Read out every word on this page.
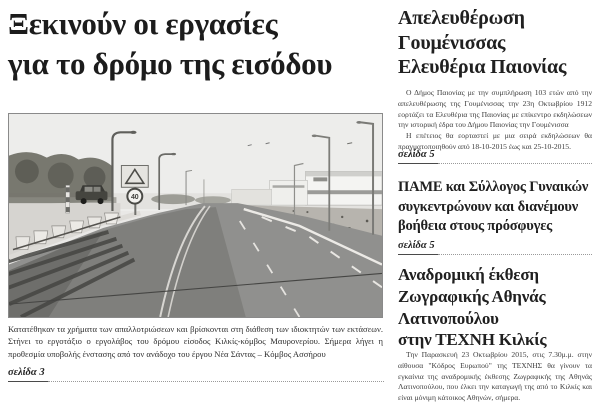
Ξεκινούν οι εργασίες
για το δρόμο της εισόδου
40

Κατατέθηκαν τα χρήματα των απαλλοτριώσεων και βρίσκονται στη διάθεση των ιδιοκτητών των εκτάσεων. Στήνει το εργοτάξιο ο εργολάβος του δρόμου είσοδος Κιλκίς-κόμβος Μαυρονερίου. Σήμερα λήγει η προθεσμία υποβολής ένστασης από τον ανάδοχο του έργου Νέα Σάντας – Κόμβος Ασσήρου

σελίδα 3
Απελευθέρωση
Γουμένισσας
Ελευθέρια Παιονίας

Ο Δήμος Παιονίας με την συμπλήρωση 103 ετών από την απελευθέρωσης της Γουμένισσας την 23η Οκτωβρίου 1912 εορτάζει τα Ελευθέρια της Παιονίας με επίκεντρο εκδηλώσεων την ιστορική έδρα του Δήμου Παιονίας την Γουμένισσα

Η επέτειος θα εορταστεί με μια σειρά εκδηλώσεων θα πραγματοποιηθούν από 18-10-2015 έως και 25-10-2015.

σελίδα 5
ΠΑΜΕ και Σύλλογος Γυναικών
συγκεντρώνουν και διανέμουν
βοήθεια στους πρόσφυγες
σελίδα 5
Αναδρομική έκθεση
Ζωγραφικής Αθηνάς
Λατινοπούλου
στην ΤΕΧΝΗ Κιλκίς

Την Παρασκευή 23 Οκτωβρίου 2015, στις 7.30μ.μ. στην αίθουσα "Κόδρος Ευρωπού" της ΤΕΧΝΗΣ θα γίνουν τα εγκαίνια της αναδρομικής έκθεσης Ζωγραφικής της Αθηνάς Λατινοπούλου, που έλκει την καταγωγή της από το Κιλκίς και είναι μόνιμη κάτοικος Αθηνών, σήμερα.
